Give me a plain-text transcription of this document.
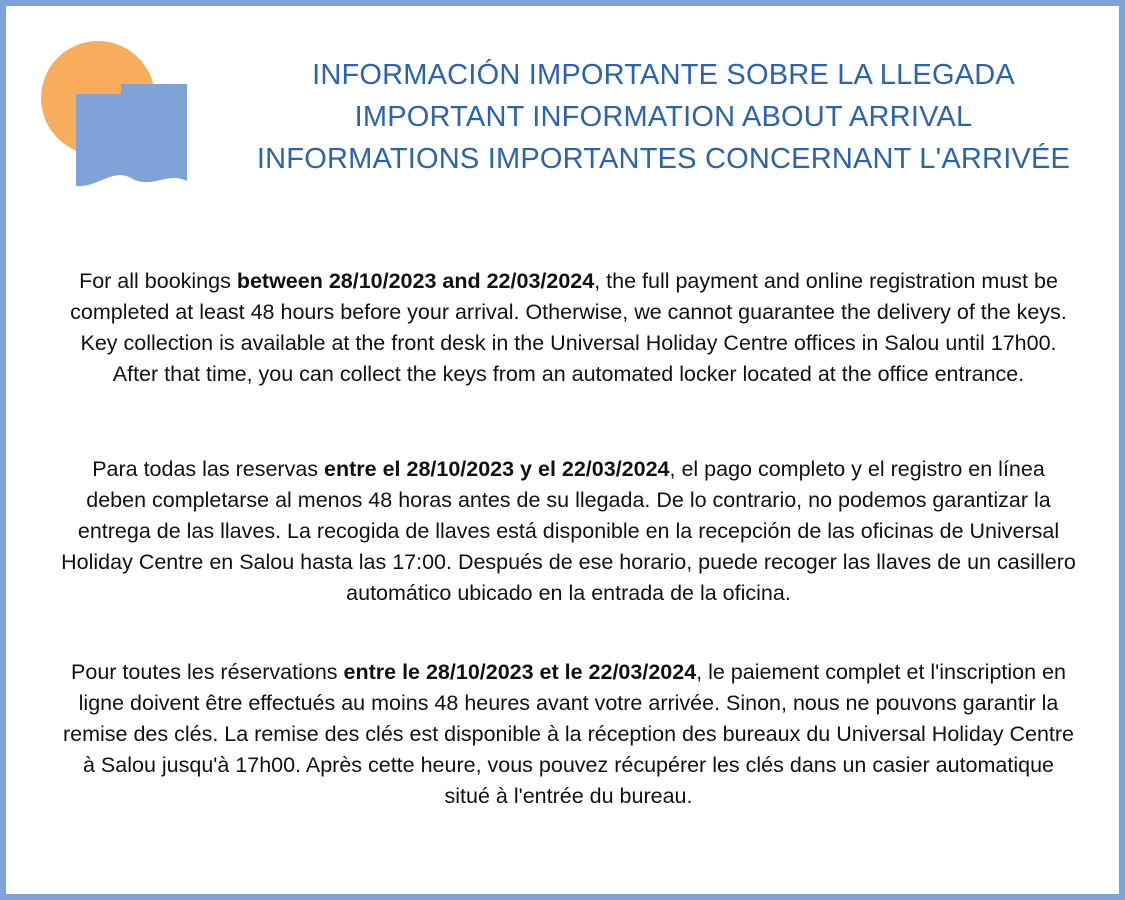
INFORMACIÓN IMPORTANTE SOBRE LA LLEGADA
IMPORTANT INFORMATION ABOUT ARRIVAL
INFORMATIONS IMPORTANTES CONCERNANT L'ARRIVÉE

For all bookings between 28/10/2023 and 22/03/2024, the full payment and online registration must be completed at least 48 hours before your arrival. Otherwise, we cannot guarantee the delivery of the keys. Key collection is available at the front desk in the Universal Holiday Centre offices in Salou until 17h00. After that time, you can collect the keys from an automated locker located at the office entrance.

Para todas las reservas entre el 28/10/2023 y el 22/03/2024, el pago completo y el registro en línea deben completarse al menos 48 horas antes de su llegada. De lo contrario, no podemos garantizar la entrega de las llaves. La recogida de llaves está disponible en la recepción de las oficinas de Universal Holiday Centre en Salou hasta las 17:00. Después de ese horario, puede recoger las llaves de un casillero automático ubicado en la entrada de la oficina.

Pour toutes les réservations entre le 28/10/2023 et le 22/03/2024, le paiement complet et l'inscription en ligne doivent être effectués au moins 48 heures avant votre arrivée. Sinon, nous ne pouvons garantir la remise des clés. La remise des clés est disponible à la réception des bureaux du Universal Holiday Centre à Salou jusqu'à 17h00. Après cette heure, vous pouvez récupérer les clés dans un casier automatique situé à l'entrée du bureau.
